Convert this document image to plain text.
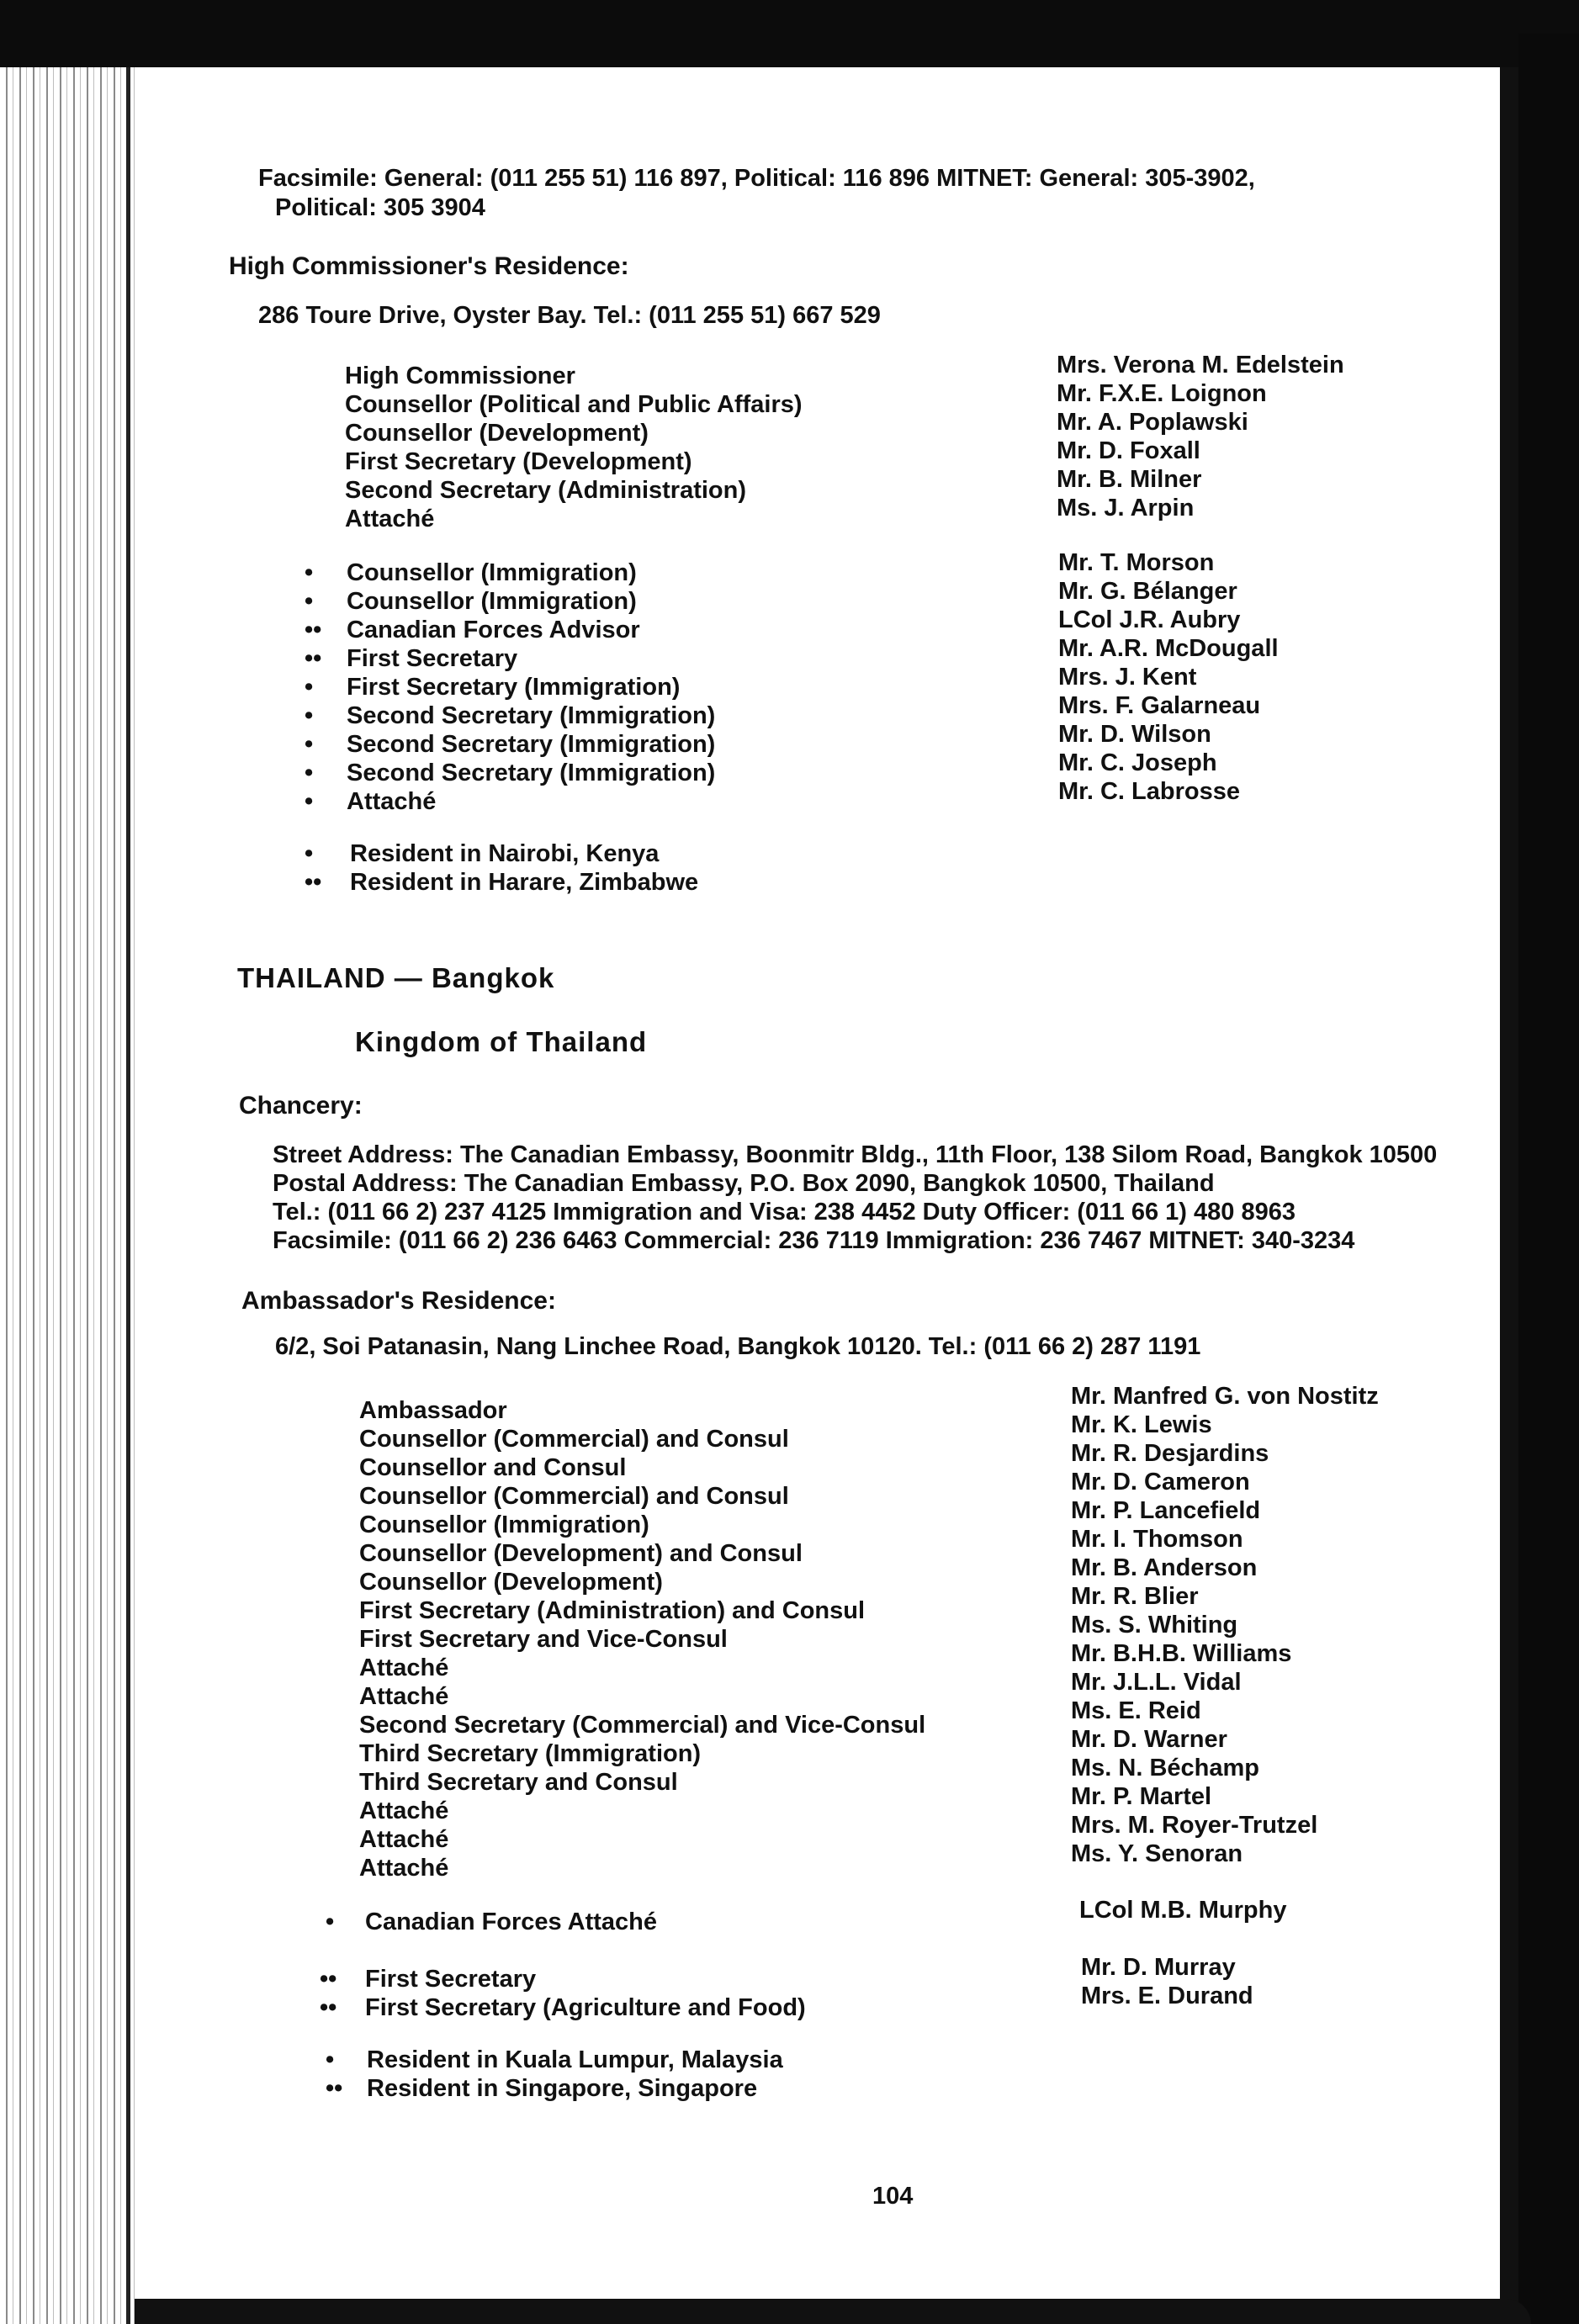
Facsimile: General: (011 255 51) 116 897, Political: 116 896 MITNET: General: 305-3902,
Political: 305 3904
High Commissioner's Residence:
286 Toure Drive, Oyster Bay. Tel.: (011 255 51) 667 529
High Commissioner
Counsellor (Political and Public Affairs)
Counsellor (Development)
First Secretary (Development)
Second Secretary (Administration)
Attaché
Mrs. Verona M. Edelstein
Mr. F.X.E. Loignon
Mr. A. Poplawski
Mr. D. Foxall
Mr. B. Milner
Ms. J. Arpin
•
•
••
••
•
•
•
•
•
Counsellor (Immigration)
Counsellor (Immigration)
Canadian Forces Advisor
First Secretary
First Secretary (Immigration)
Second Secretary (Immigration)
Second Secretary (Immigration)
Second Secretary (Immigration)
Attaché
Mr. T. Morson
Mr. G. Bélanger
LCol J.R. Aubry
Mr. A.R. McDougall
Mrs. J. Kent
Mrs. F. Galarneau
Mr. D. Wilson
Mr. C. Joseph
Mr. C. Labrosse
•
••
Resident in Nairobi, Kenya
Resident in Harare, Zimbabwe
THAILAND — Bangkok
Kingdom of Thailand
Chancery:
Street Address: The Canadian Embassy, Boonmitr Bldg., 11th Floor, 138 Silom Road, Bangkok 10500
Postal Address: The Canadian Embassy, P.O. Box 2090, Bangkok 10500, Thailand
Tel.: (011 66 2) 237 4125 Immigration and Visa: 238 4452 Duty Officer: (011 66 1) 480 8963
Facsimile: (011 66 2) 236 6463 Commercial: 236 7119 Immigration: 236 7467 MITNET: 340-3234
Ambassador's Residence:
6/2, Soi Patanasin, Nang Linchee Road, Bangkok 10120. Tel.: (011 66 2) 287 1191
Ambassador
Counsellor (Commercial) and Consul
Counsellor and Consul
Counsellor (Commercial) and Consul
Counsellor (Immigration)
Counsellor (Development) and Consul
Counsellor (Development)
First Secretary (Administration) and Consul
First Secretary and Vice-Consul
Attaché
Attaché
Second Secretary (Commercial) and Vice-Consul
Third Secretary (Immigration)
Third Secretary and Consul
Attaché
Attaché
Attaché
Mr. Manfred G. von Nostitz
Mr. K. Lewis
Mr. R. Desjardins
Mr. D. Cameron
Mr. P. Lancefield
Mr. I. Thomson
Mr. B. Anderson
Mr. R. Blier
Ms. S. Whiting
Mr. B.H.B. Williams
Mr. J.L.L. Vidal
Ms. E. Reid
Mr. D. Warner
Ms. N. Béchamp
Mr. P. Martel
Mrs. M. Royer-Trutzel
Ms. Y. Senoran
• Canadian Forces Attaché	LCol M.B. Murphy
••
••
First Secretary
First Secretary (Agriculture and Food)
Mr. D. Murray
Mrs. E. Durand
•
••
Resident in Kuala Lumpur, Malaysia
Resident in Singapore, Singapore
104
